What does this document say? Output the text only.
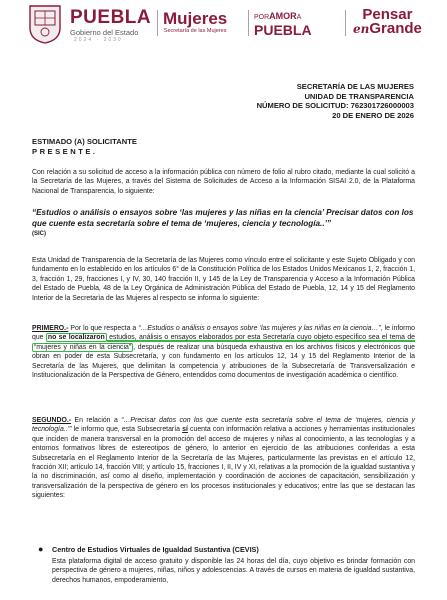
PUEBLA
Gobierno del Estado
2024 · 2030
Mujeres
Secretaría de las Mujeres
PORAMORA
PUEBLA
Pensar
enGrande
SECRETARÍA DE LAS MUJERES
UNIDAD DE TRANSPARENCIA
NÚMERO DE SOLICITUD: 762301726000003
20 DE ENERO DE 2026
ESTIMADO (A) SOLICITANTE
PRESENTE.
Con relación a su solicitud de acceso a la información pública con número de folio al rubro citado, mediante la cual solicitó a la Secretaría de las Mujeres, a través del Sistema de Solicitudes de Acceso a la Información SISAI 2.0, de la Plataforma Nacional de Transparencia, lo siguiente:
“Estudios o análisis o ensayos sobre ‘las mujeres y las niñas en la ciencia’ Precisar datos con los que cuente esta secretaría sobre el tema de ‘mujeres, ciencia y tecnología..’”
(SIC)
Esta Unidad de Transparencia de la Secretaría de las Mujeres como vínculo entre el solicitante y este Sujeto Obligado y con fundamento en lo establecido en los artículos 6° de la Constitución Política de los Estados Unidos Mexicanos 1, 2, fracción 1, 3, fracción 1, 29, fracciones I, y IV, 30, 140 fracción II, y 145 de la Ley de Transparencia y Acceso a la Información Pública del Estado de Puebla, 48 de la Ley Orgánica de Administración Pública del Estado de Puebla, 12, 14 y 15 del Reglamento Interior de la Secretaría de las Mujeres al respecto se informa lo siguiente:
PRIMERO.- Por lo que respecta a “…Estudios o análisis o ensayos sobre ‘las mujeres y las niñas en la ciencia…”, le informo que no se localizaron estudios, análisis o ensayos elaborados por esta Secretaría cuyo objeto específico sea el tema de “mujeres y niñas en la ciencia” , después de realizar una búsqueda exhaustiva en los archivos físicos y electrónicos que obran en poder de esta Subsecretaría, y con fundamento en los artículos 12, 14 y 15 del Reglamento Interior de la Secretaría de las Mujeres, que delimitan la competencia y atribuciones de la Subsecretaría de Transversalización e Institucionalización de la Perspectiva de Género, entendidos como documentos de investigación académica o científico.
SEGUNDO.- En relación a “…Precisar datos con los que cuente esta secretaría sobre el tema de ‘mujeres, ciencia y tecnología..’” le informo que, esta Subsecretaría sí cuenta con información relativa a acciones y herramientas institucionales que inciden de manera transversal en la promoción del acceso de mujeres y niñas al conocimiento, a las tecnologías y a entornos formativos libres de estereotipos de género, lo anterior en ejercicio de las atribuciones conferidas a esta Subsecretaría en el Reglamento Interior de la Secretaría de las Mujeres, particularmente las previstas en el artículo 12, fracción XII; artículo 14, fracción VIII; y artículo 15, fracciones I, II, IV y XI, relativas a la promoción de la igualdad sustantiva y la no discriminación, así como al diseño, implementación y coordinación de acciones de capacitación, sensibilización y transversalización de la perspectiva de género en los procesos institucionales y educativos; entre las que se destacan las siguientes:
● Centro de Estudios Virtuales de Igualdad Sustantiva (CEVIS)
Esta plataforma digital de acceso gratuito y disponible las 24 horas del día, cuyo objetivo es brindar formación con perspectiva de género a mujeres, niñas, niños y adolescencias. A través de cursos en materia de igualdad sustantiva, derechos humanos, empoderamiento,
